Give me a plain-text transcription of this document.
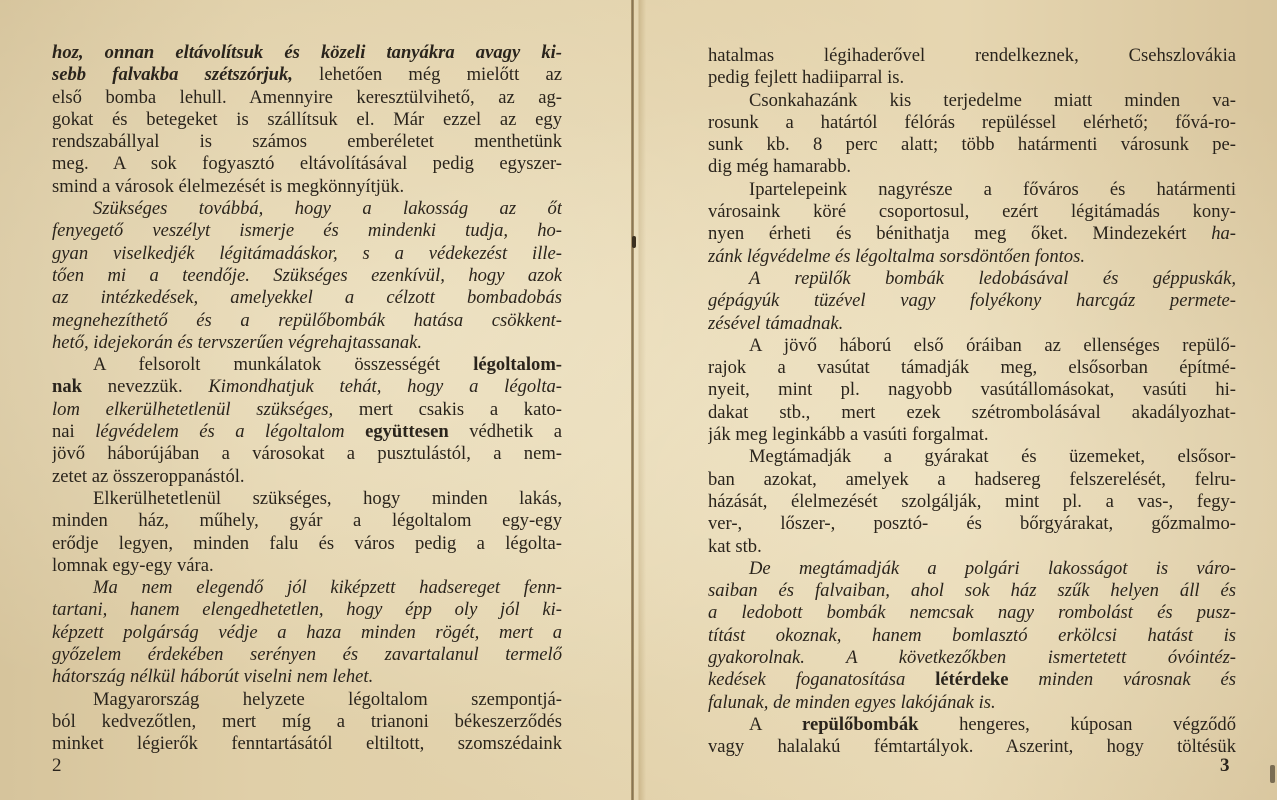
hoz, onnan eltávolítsuk és közeli tanyákra avagy ki-
sebb falvakba szétszórjuk, lehetően még mielőtt az
első bomba lehull. Amennyire keresztülvihető, az ag-
gokat és betegeket is szállítsuk el. Már ezzel az egy
rendszabállyal is számos emberéletet menthetünk
meg. A sok fogyasztó eltávolításával pedig egyszer-
smind a városok élelmezését is megkönnyítjük.
Szükséges továbbá, hogy a lakosság az őt
fenyegető veszélyt ismerje és mindenki tudja, ho-
gyan viselkedjék légitámadáskor, s a védekezést ille-
tően mi a teendője. Szükséges ezenkívül, hogy azok
az intézkedések, amelyekkel a célzott bombadobás
megnehezíthető és a repülőbombák hatása csökkent-
hető, idejekorán és tervszerűen végrehajtassanak.
A felsorolt munkálatok összességét légoltalom-
nak nevezzük. Kimondhatjuk tehát, hogy a légolta-
lom elkerülhetetlenül szükséges, mert csakis a kato-
nai légvédelem és a légoltalom együttesen védhetik a
jövő háborújában a városokat a pusztulástól, a nem-
zetet az összeroppanástól.
Elkerülhetetlenül szükséges, hogy minden lakás,
minden ház, műhely, gyár a légoltalom egy-egy
erődje legyen, minden falu és város pedig a légolta-
lomnak egy-egy vára.
Ma nem elegendő jól kiképzett hadsereget fenn-
tartani, hanem elengedhetetlen, hogy épp oly jól ki-
képzett polgárság védje a haza minden rögét, mert a
győzelem érdekében serényen és zavartalanul termelő
hátország nélkül háborút viselni nem lehet.
Magyarország helyzete légoltalom szempontjá-
ból kedvezőtlen, mert míg a trianoni békeszerződés
minket légierők fenntartásától eltiltott, szomszédaink
hatalmas légihaderővel rendelkeznek, Csehszlovákia
pedig fejlett hadiiparral is.
Csonkahazánk kis terjedelme miatt minden va-
rosunk a határtól félórás repüléssel elérhető; fővá-ro-
sunk kb. 8 perc alatt; több határmenti városunk pe-
dig még hamarabb.
Ipartelepeink nagyrésze a főváros és határmenti
városaink köré csoportosul, ezért légitámadás kony-
nyen érheti és bénithatja meg őket. Mindezekért ha-
zánk légvédelme és légoltalma sorsdöntően fontos.
A repülők bombák ledobásával és géppuskák,
gépágyúk tüzével vagy folyékony harcgáz permete-
zésével támadnak.
A jövő háború első óráiban az ellenséges repülő-
rajok a vasútat támadják meg, elsősorban építmé-
nyeit, mint pl. nagyobb vasútállomásokat, vasúti hi-
dakat stb., mert ezek szétrombolásával akadályozhat-
ják meg leginkább a vasúti forgalmat.
Megtámadják a gyárakat és üzemeket, elsősor-
ban azokat, amelyek a hadsereg felszerelését, felru-
házását, élelmezését szolgálják, mint pl. a vas-, fegy-
ver-, lőszer-, posztó- és bőrgyárakat, gőzmalmo-
kat stb.
De megtámadják a polgári lakosságot is váro-
saiban és falvaiban, ahol sok ház szűk helyen áll és
a ledobott bombák nemcsak nagy rombolást és pusz-
títást okoznak, hanem bomlasztó erkölcsi hatást is
gyakorolnak. A következőkben ismertetett óvóintéz-
kedések foganatosítása létérdeke minden városnak és
falunak, de minden egyes lakójának is.
A repülőbombák hengeres, kúposan végződő
vagy halalakú fémtartályok. Aszerint, hogy töltésük
2	3
